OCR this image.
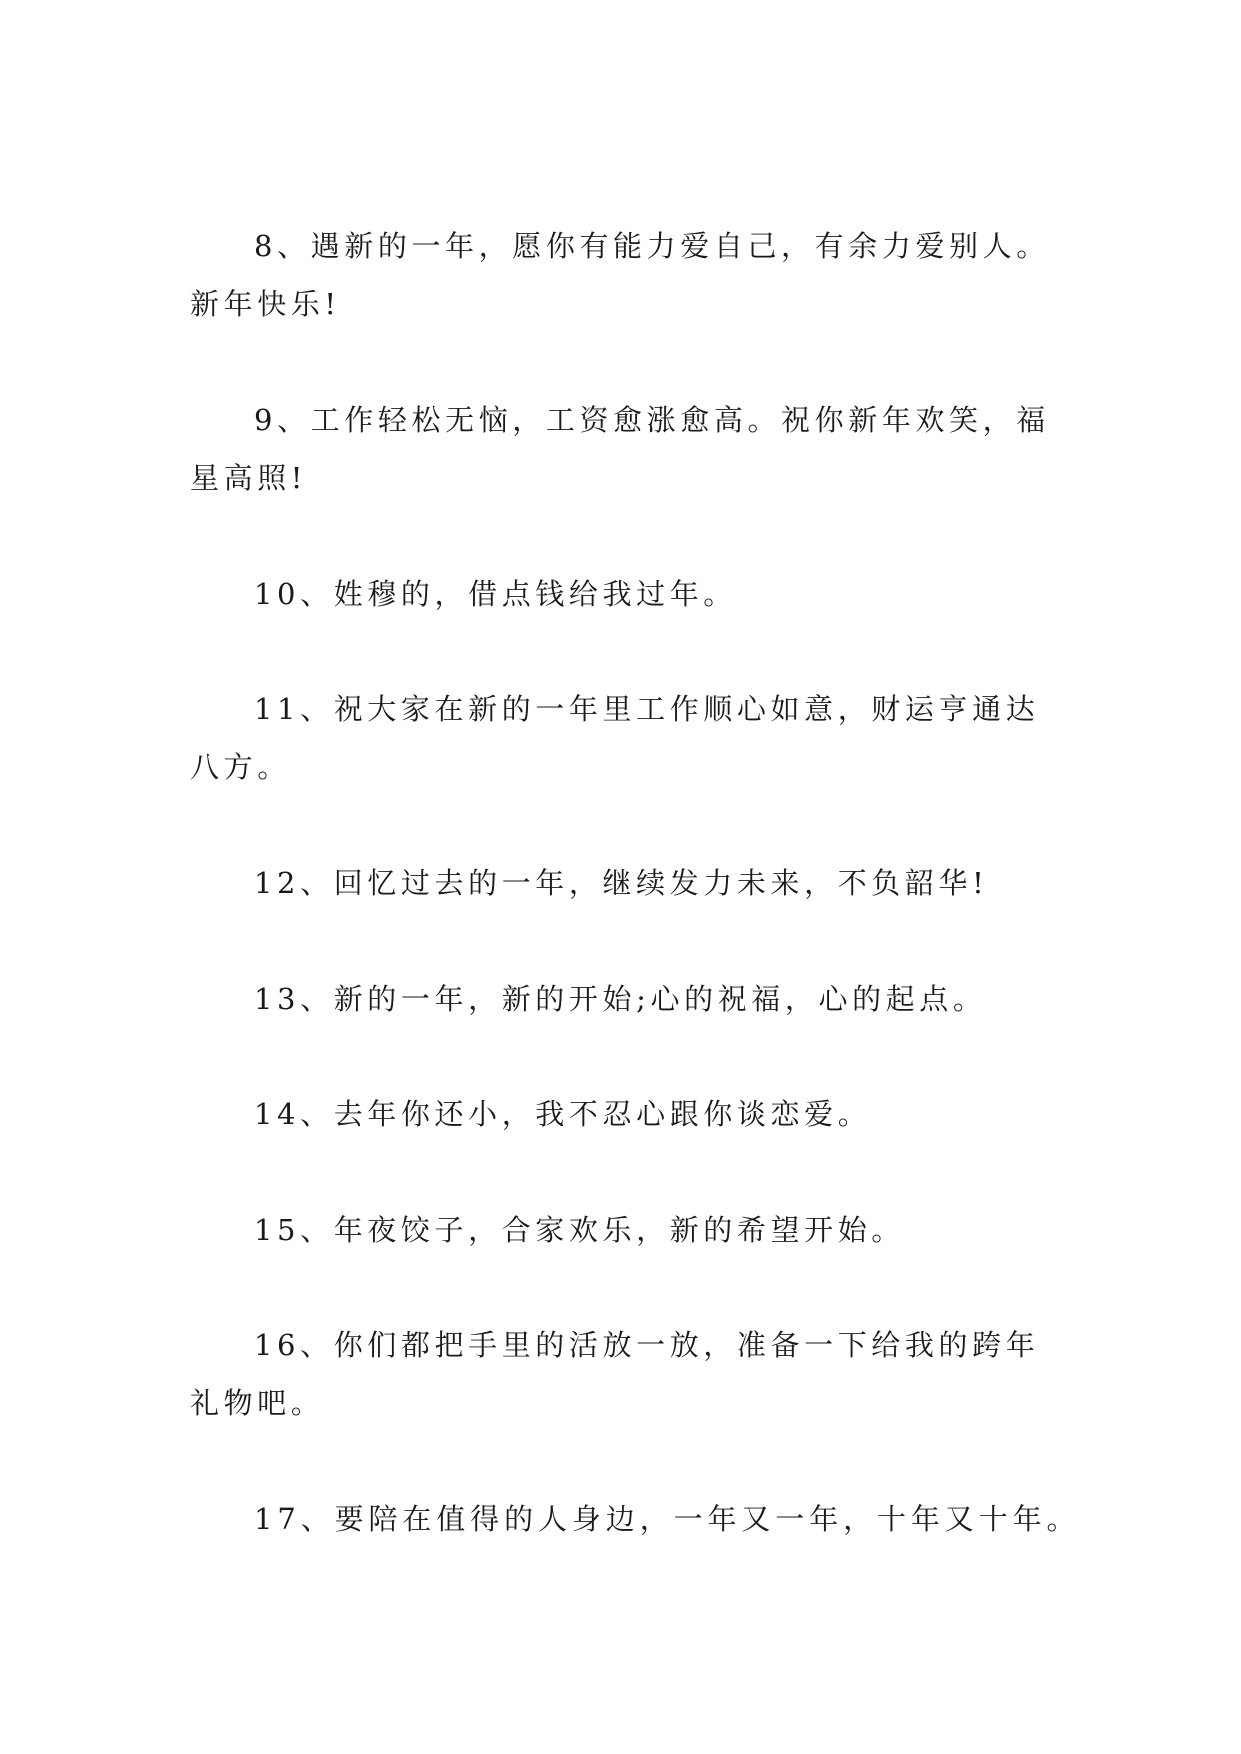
8、遇新的一年，愿你有能力爱自己，有余力爱别人。新年快乐!

9、工作轻松无恼，工资愈涨愈高。祝你新年欢笑，福星高照!

10、姓穆的，借点钱给我过年。

11、祝大家在新的一年里工作顺心如意，财运亨通达八方。

12、回忆过去的一年，继续发力未来，不负韶华!

13、新的一年，新的开始;心的祝福，心的起点。

14、去年你还小，我不忍心跟你谈恋爱。

15、年夜饺子，合家欢乐，新的希望开始。

16、你们都把手里的活放一放，准备一下给我的跨年礼物吧。

17、要陪在值得的人身边，一年又一年，十年又十年。
